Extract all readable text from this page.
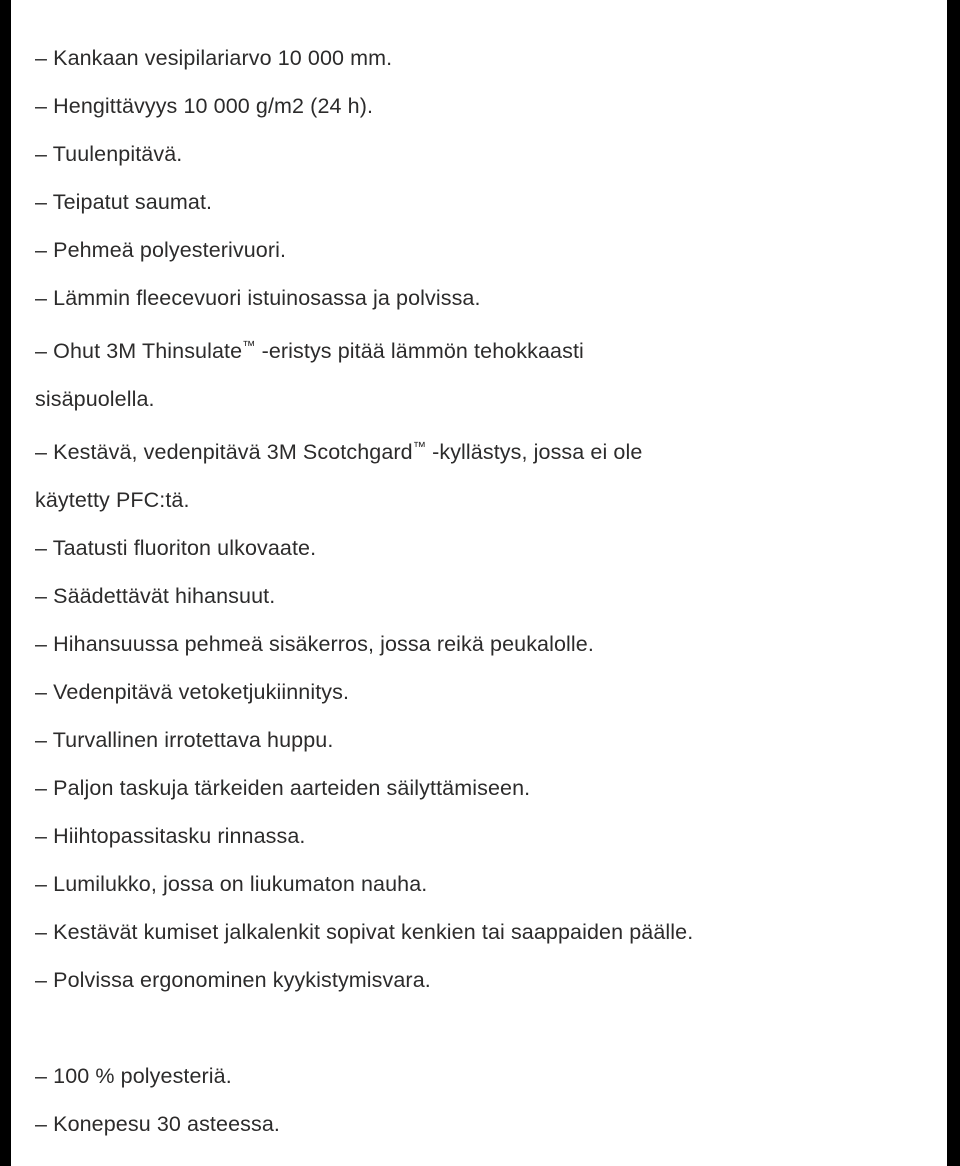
– Kankaan vesipilariarvo 10 000 mm.
– Hengittävyys 10 000 g/m2 (24 h).
– Tuulenpitävä.
– Teipatut saumat.
– Pehmeä polyesterivuori.
– Lämmin fleecevuori istuinosassa ja polvissa.
– Ohut 3M Thinsulate™ -eristys pitää lämmön tehokkaasti
sisäpuolella.
– Kestävä, vedenpitävä 3M Scotchgard™ -kyllästys, jossa ei ole
käytetty PFC:tä.
– Taatusti fluoriton ulkovaate.
– Säädettävät hihansuut.
– Hihansuussa pehmeä sisäkerros, jossa reikä peukalolle.
– Vedenpitävä vetoketjukiinnitys.
– Turvallinen irrotettava huppu.
– Paljon taskuja tärkeiden aarteiden säilyttämiseen.
– Hiihtopassitasku rinnassa.
– Lumilukko, jossa on liukumaton nauha.
– Kestävät kumiset jalkalenkit sopivat kenkien tai saappaiden päälle.
– Polvissa ergonominen kyykistymisvara.
– 100 % polyesteriä.
– Konepesu 30 asteessa.
